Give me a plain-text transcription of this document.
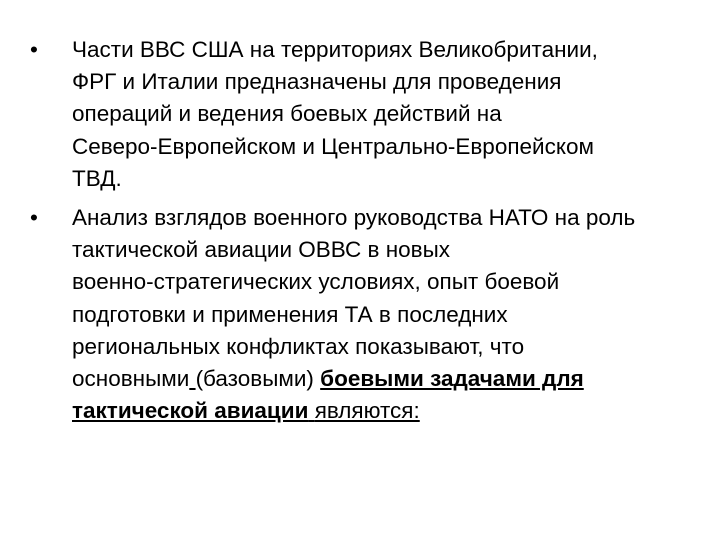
• Части ВВС США на территориях Великобритании,
ФРГ и Италии предназначены для проведения
операций и ведения боевых действий на
Северо-Европейском и Центрально-Европейском
ТВД.
• Анализ взглядов военного руководства НАТО на роль
тактической авиации ОВВС в новых
военно-стратегических условиях, опыт боевой
подготовки и применения ТА в последних
региональных конфликтах показывают, что
основными (базовыми) боевыми задачами для
тактической авиации являются:
